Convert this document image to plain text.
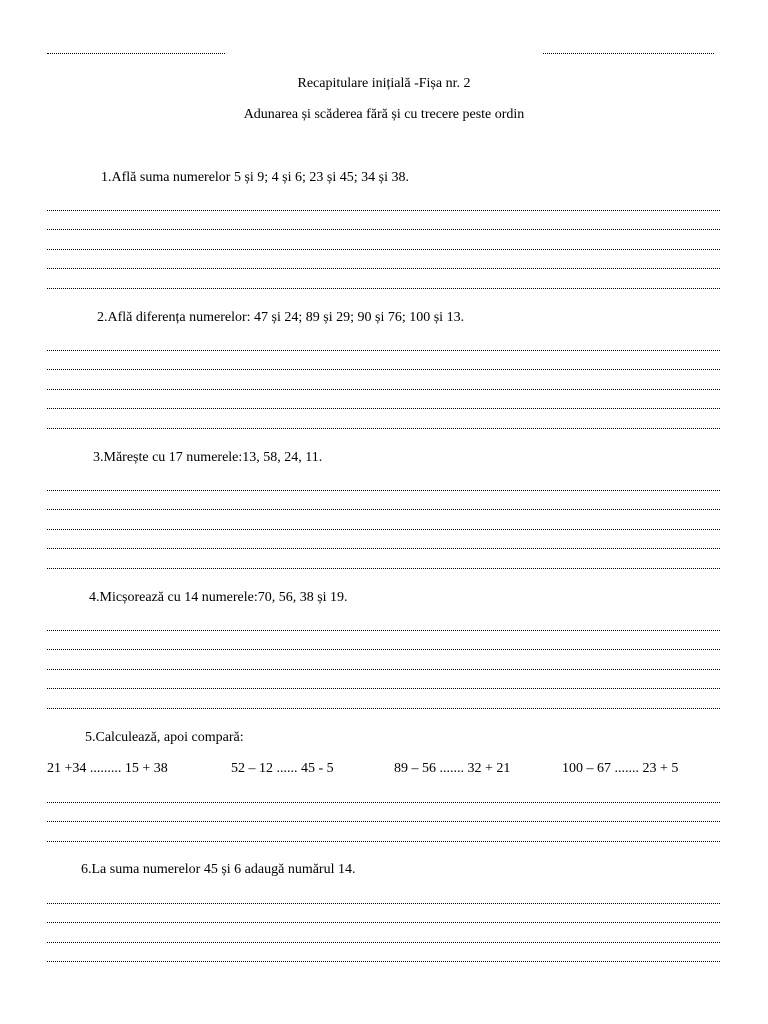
Recapitulare inițială -Fișa nr. 2
Adunarea și scăderea fără și cu trecere peste ordin
1.Află suma numerelor 5 și 9; 4 și 6; 23 și 45; 34 și 38.
2.Află diferența numerelor: 47 și 24; 89 și 29; 90 și 76; 100 și 13.
3.Mărește cu 17 numerele:13, 58, 24, 11.
4.Micșorează cu 14 numerele:70, 56, 38 și 19.
5.Calculează, apoi compară:
21 +34 ......... 15 + 38	52 – 12 ...... 45 - 5	89 – 56 ....... 32 + 21	100 – 67 ....... 23 + 5
6.La suma numerelor 45 și 6 adaugă numărul 14.
